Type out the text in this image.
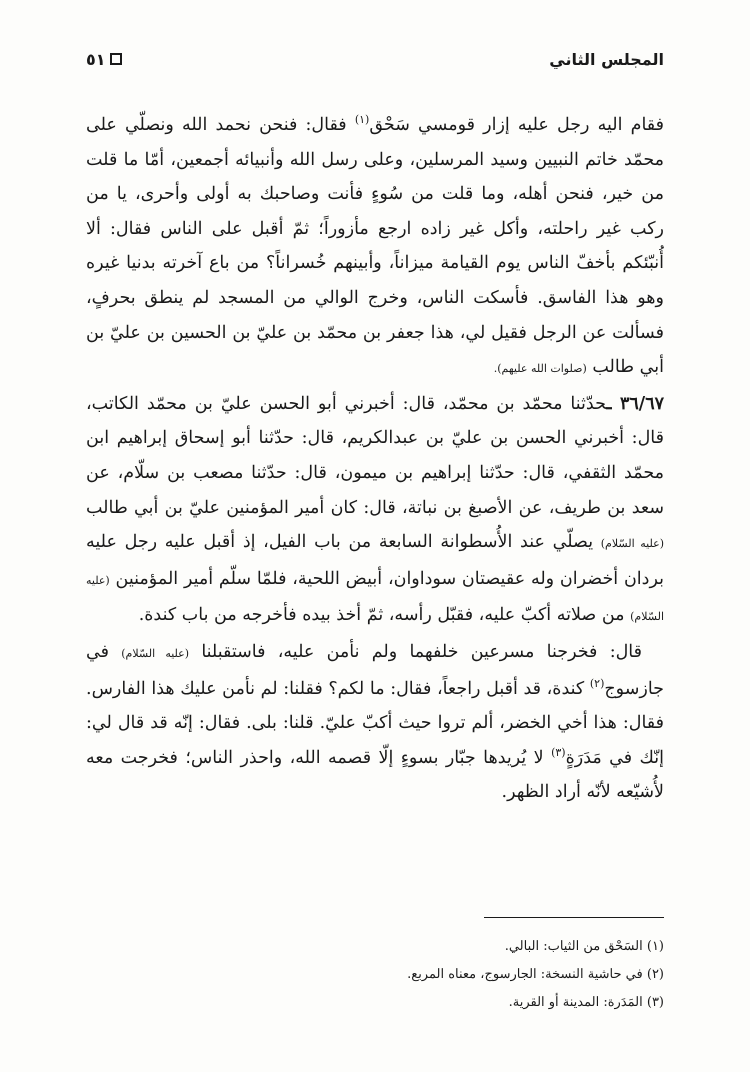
المجلس الثاني
٥١

فقام اليه رجل عليه إزار قومسي سَحْق$^{(١)}$ فقال: فنحن نحمد الله ونصلّي على محمّد خاتم النبيين وسيد المرسلين، وعلى رسل الله وأنبيائه أجمعين، أمّا ما قلت من خير، فنحن أهله، وما قلت من سُوءٍ فأنت وصاحبك به أولى وأحرى، يا من ركب غير راحلته، وأكل غير زاده ارجع مأزوراً؛ ثمّ أقبل على الناس فقال: ألا أُنبّئكم بأخفّ الناس يوم القيامة ميزاناً، وأبينهم خُسراناً؟ من باع آخرته بدنيا غيره وهو هذا الفاسق. فأسكت الناس، وخرج الوالي من المسجد لم ينطق بحرفٍ، فسألت عن الرجل فقيل لي، هذا جعفر بن محمّد بن عليّ بن الحسين بن عليّ بن أبي طالب (صلوات الله عليهم).

٣٦/٦٧ ـحدّثنا محمّد بن محمّد، قال: أخبرني أبو الحسن عليّ بن محمّد الكاتب، قال: أخبرني الحسن بن عليّ بن عبدالكريم، قال: حدّثنا أبو إسحاق إبراهيم ابن محمّد الثقفي، قال: حدّثنا إبراهيم بن ميمون، قال: حدّثنا مصعب بن سلّام، عن سعد بن طريف، عن الأصبغ بن نباتة، قال: كان أمير المؤمنين عليّ بن أبي طالب (عليه السّلام) يصلّي عند الأُسطوانة السابعة من باب الفيل، إذ أقبل عليه رجل عليه بردان أخضران وله عقيصتان سوداوان، أبيض اللحية، فلمّا سلّم أمير المؤمنين (عليه السّلام) من صلاته أكبّ عليه، فقبّل رأسه، ثمّ أخذ بيده فأخرجه من باب كندة.

قال: فخرجنا مسرعين خلفهما ولم نأمن عليه، فاستقبلنا (عليه السّلام) في جازسوج$^{(٢)}$ كندة، قد أقبل راجعاً، فقال: ما لكم؟ فقلنا: لم نأمن عليك هذا الفارس. فقال: هذا أخي الخضر، ألم تروا حيث أكبّ عليّ. قلنا: بلى. فقال: إنّه قد قال لي: إنّك في مَدَرَةٍ$^{(٣)}$ لا يُريدها جبّار بسوءٍ إلّا قصمه الله، واحذر الناس؛ فخرجت معه لأُشيّعه لأنّه أراد الظهر.

(١) السَحْق من الثياب: البالي.
(٢) في حاشية النسخة: الجارسوج، معناه المربع.
(٣) المَدَرة: المدينة أو القرية.
